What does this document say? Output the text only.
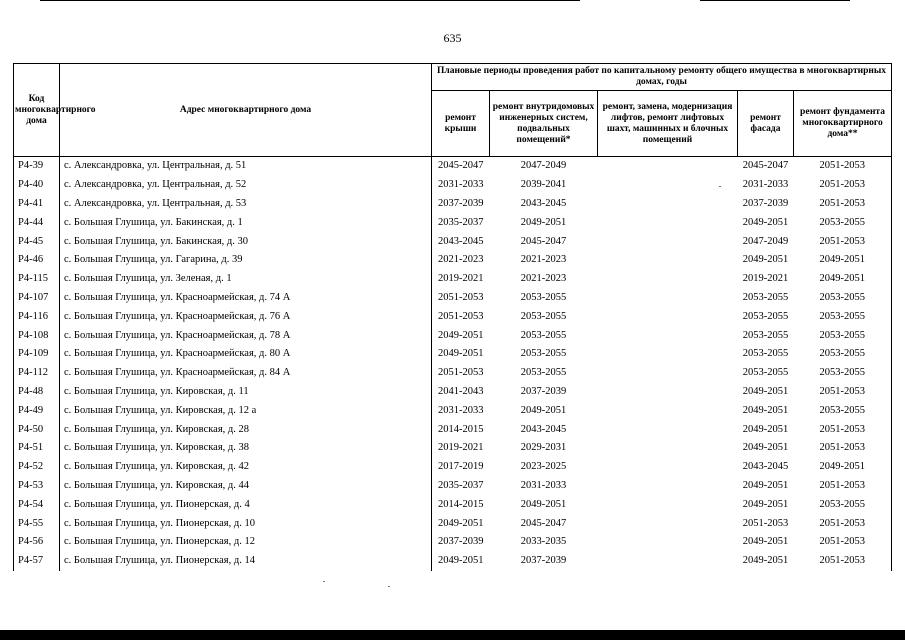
635
Код многоквартирного дома	Адрес многоквартирного дома	Плановые периоды проведения работ по капитальному ремонту общего имущества в многоквартирных домах, годы				
		ремонт крыши	ремонт внутридомовых инженерных систем, подвальных помещений*	ремонт, замена, модернизация лифтов, ремонт лифтовых шахт, машинных и блочных помещений	ремонт фасада	ремонт фундамента многоквартирного дома**
Р4-39	с. Александровка, ул. Центральная, д. 51	2045-2047	2047-2049		2045-2047	2051-2053
Р4-40	с. Александровка, ул. Центральная, д. 52	2031-2033	2039-2041		2031-2033	2051-2053
Р4-41	с. Александровка, ул. Центральная, д. 53	2037-2039	2043-2045		2037-2039	2051-2053
Р4-44	с. Большая Глушица, ул. Бакинская, д. 1	2035-2037	2049-2051		2049-2051	2053-2055
Р4-45	с. Большая Глушица, ул. Бакинская, д. 30	2043-2045	2045-2047		2047-2049	2051-2053
Р4-46	с. Большая Глушица, ул. Гагарина, д. 39	2021-2023	2021-2023		2049-2051	2049-2051
Р4-115	с. Большая Глушица, ул. Зеленая, д. 1	2019-2021	2021-2023		2019-2021	2049-2051
Р4-107	с. Большая Глушица, ул. Красноармейская, д. 74 А	2051-2053	2053-2055		2053-2055	2053-2055
Р4-116	с. Большая Глушица, ул. Красноармейская, д. 76 А	2051-2053	2053-2055		2053-2055	2053-2055
Р4-108	с. Большая Глушица, ул. Красноармейская, д. 78 А	2049-2051	2053-2055		2053-2055	2053-2055
Р4-109	с. Большая Глушица, ул. Красноармейская, д. 80 А	2049-2051	2053-2055		2053-2055	2053-2055
Р4-112	с. Большая Глушица, ул. Красноармейская, д. 84 А	2051-2053	2053-2055		2053-2055	2053-2055
Р4-48	с. Большая Глушица, ул. Кировская, д. 11	2041-2043	2037-2039		2049-2051	2051-2053
Р4-49	с. Большая Глушица, ул. Кировская, д. 12 а	2031-2033	2049-2051		2049-2051	2053-2055
Р4-50	с. Большая Глушица, ул. Кировская, д. 28	2014-2015	2043-2045		2049-2051	2051-2053
Р4-51	с. Большая Глушица, ул. Кировская, д. 38	2019-2021	2029-2031		2049-2051	2051-2053
Р4-52	с. Большая Глушица, ул. Кировская, д. 42	2017-2019	2023-2025		2043-2045	2049-2051
Р4-53	с. Большая Глушица, ул. Кировская, д. 44	2035-2037	2031-2033		2049-2051	2051-2053
Р4-54	с. Большая Глушица, ул. Пионерская, д. 4	2014-2015	2049-2051		2049-2051	2053-2055
Р4-55	с. Большая Глушица, ул. Пионерская, д. 10	2049-2051	2045-2047		2051-2053	2051-2053
Р4-56	с. Большая Глушица, ул. Пионерская, д. 12	2037-2039	2033-2035		2049-2051	2051-2053
Р4-57	с. Большая Глушица, ул. Пионерская, д. 14	2049-2051	2037-2039		2049-2051	2051-2053
